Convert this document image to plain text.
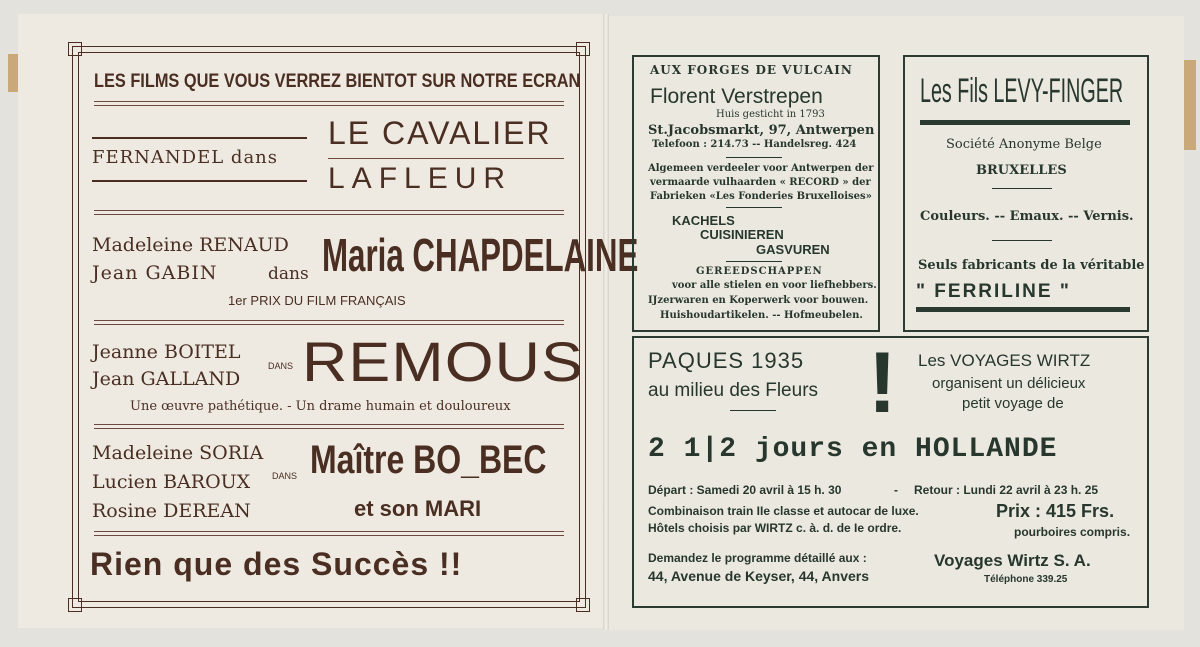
LES FILMS QUE VOUS VERREZ BIENTOT SUR NOTRE ECRAN

FERNANDEL dans

LE CAVALIER

LAFLEUR

Madeleine RENAUD

Jean GABIN	dans Maria CHAPDELAINE

1er PRIX DU FILM FRANÇAIS

Jeanne BOITEL

Jean GALLAND

DANS REMOUS

Une œuvre pathétique. - Un drame humain et douloureux

Madeleine SORIA

Lucien BAROUX

Rosine DEREAN

DANS Maître BO_BEC

et son MARI

Rien que des Succès !!

AUX FORGES DE VULCAIN

Florent Verstrepen

Huis gesticht in 1793

St.Jacobsmarkt, 97, Antwerpen

Telefoon : 214.73 -- Handelsreg. 424

Algemeen verdeeler voor Antwerpen der

vermaarde vulhaarden « RECORD » der

Fabrieken «Les Fonderies Bruxelloises»

KACHELS

CUISINIEREN

GASVUREN

GEREEDSCHAPPEN

voor alle stielen en voor liefhebbers.

IJzerwaren en Koperwerk voor bouwen.

Huishoudartikelen. -- Hofmeubelen.

Les Fils LEVY-FINGER

Société Anonyme Belge

BRUXELLES

Couleurs. -- Emaux. -- Vernis.

Seuls fabricants de la véritable

" FERRILINE "

PAQUES 1935

au milieu des Fleurs ! Les VOYAGES WIRTZ

organisent un délicieux

petit voyage de

2 1|2 jours en HOLLANDE

Départ : Samedi 20 avril à 15 h. 30	- Retour : Lundi 22 avril à 23 h. 25

Combinaison train IIe classe et autocar de luxe.

Hôtels choisis par WIRTZ c. à. d. de Ie ordre.

Prix : 415 Frs.

pourboires compris.

Demandez le programme détaillé aux :

44, Avenue de Keyser, 44, Anvers

Voyages Wirtz S. A.

Téléphone 339.25
